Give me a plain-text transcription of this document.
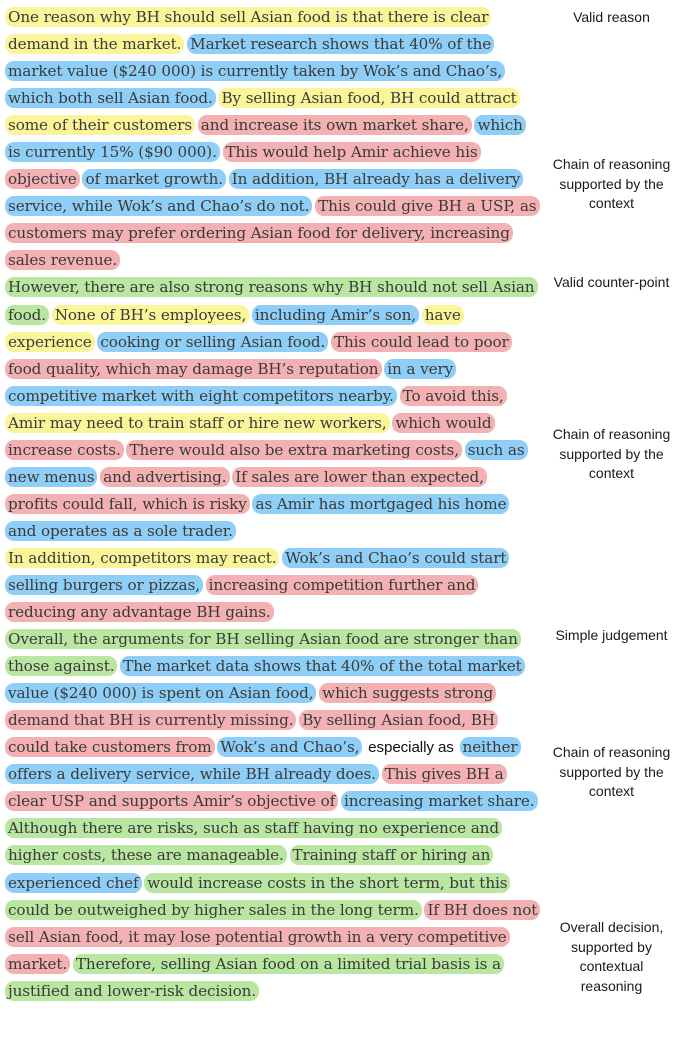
One reason why BH should sell Asian food is that there is clear demand in the market. Market research shows that 40% of the market value ($240 000) is currently taken by Wok’s and Chao’s, which both sell Asian food. By selling Asian food, BH could attract some of their customers and increase its own market share, which is currently 15% ($90 000). This would help Amir achieve his objective of market growth. In addition, BH already has a delivery service, while Wok’s and Chao’s do not. This could give BH a USP, as customers may prefer ordering Asian food for delivery, increasing sales revenue.

However, there are also strong reasons why BH should not sell Asian food. None of BH’s employees, including Amir’s son, have experience cooking or selling Asian food. This could lead to poor food quality, which may damage BH’s reputation in a very competitive market with eight competitors nearby. To avoid this, Amir may need to train staff or hire new workers, which would increase costs. There would also be extra marketing costs, such as new menus and advertising. If sales are lower than expected, profits could fall, which is risky as Amir has mortgaged his home and operates as a sole trader.

In addition, competitors may react. Wok’s and Chao’s could start selling burgers or pizzas, increasing competition further and reducing any advantage BH gains.

Overall, the arguments for BH selling Asian food are stronger than those against. The market data shows that 40% of the total market value ($240 000) is spent on Asian food, which suggests strong demand that BH is currently missing. By selling Asian food, BH could take customers from Wok’s and Chao’s, especially as neither offers a delivery service, while BH already does. This gives BH a clear USP and supports Amir’s objective of increasing market share.

Although there are risks, such as staff having no experience and higher costs, these are manageable. Training staff or hiring an experienced chef would increase costs in the short term, but this could be outweighed by higher sales in the long term. If BH does not sell Asian food, it may lose potential growth in a very competitive market. Therefore, selling Asian food on a limited trial basis is a justified and lower-risk decision.

Valid reason
Chain of reasoning supported by the context
Valid counter-point
Chain of reasoning supported by the context
Simple judgement
Chain of reasoning supported by the context
Overall decision, supported by contextual reasoning
